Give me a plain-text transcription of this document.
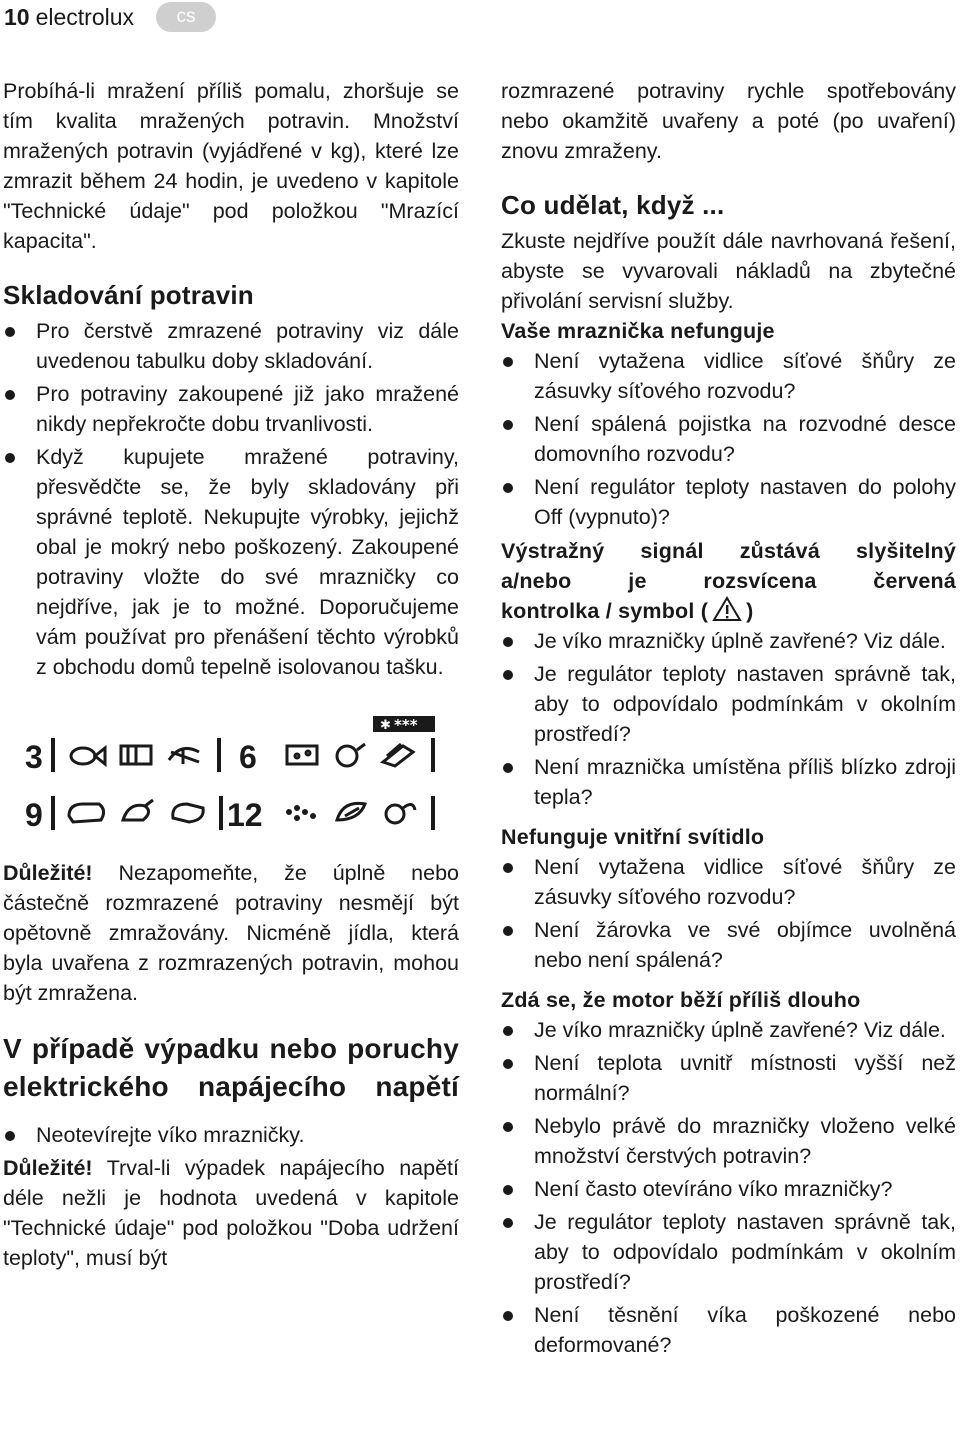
10 electrolux	cs

Probíhá-li mražení příliš pomalu, zhoršuje se tím kvalita mražených potravin. Množství mražených potravin (vyjádřené v kg), které lze zmrazit během 24 hodin, je uvedeno v kapitole "Technické údaje" pod položkou "Mrazící kapacita".

Skladování potravin
Pro čerstvě zmrazené potraviny viz dále uvedenou tabulku doby skladování.
Pro potraviny zakoupené již jako mražené nikdy nepřekročte dobu trvanlivosti.
Když kupujete mražené potraviny, přesvědčte se, že byly skladovány při správné teplotě. Nekupujte výrobky, jejichž obal je mokrý nebo poškozený. Zakoupené potraviny vložte do své mrazničky co nejdříve, jak je to možné. Doporučujeme vám používat pro přenášení těchto výrobků z obchodu domů tepelně isolovanou tašku.
✱ ***
3	6
9	12

Důležité! Nezapomeňte, že úplně nebo částečně rozmrazené potraviny nesmějí být opětovně zmražovány. Nicméně jídla, která byla uvařena z rozmrazených potravin, mohou být zmražena.

V případě výpadku nebo poruchy elektrického napájecího napětí
Neotevírejte víko mrazničky.

Důležité! Trval-li výpadek napájecího napětí déle nežli je hodnota uvedená v kapitole "Technické údaje" pod položkou "Doba udržení teploty", musí být

rozmrazené potraviny rychle spotřebovány nebo okamžitě uvařeny a poté (po uvaření) znovu zmraženy.

Co udělat, když ...

Zkuste nejdříve použít dále navrhovaná řešení, abyste se vyvarovali nákladů na zbytečné přivolání servisní služby.

Vaše mraznička nefunguje
Není vytažena vidlice síťové šňůry ze zásuvky síťového rozvodu?
Není spálená pojistka na rozvodné desce domovního rozvodu?
Není regulátor teploty nastaven do polohy Off (vypnuto)?
Výstražný signál zůstává slyšitelný
a/nebo je rozsvícena červená
kontrolka / symbol ( )
Je víko mrazničky úplně zavřené? Viz dále.
Je regulátor teploty nastaven správně tak, aby to odpovídalo podmínkám v okolním prostředí?
Není mraznička umístěna příliš blízko zdroji tepla?
Nefunguje vnitřní svítidlo
Není vytažena vidlice síťové šňůry ze zásuvky síťového rozvodu?
Není žárovka ve své objímce uvolněná nebo není spálená?
Zdá se, že motor běží příliš dlouho
Je víko mrazničky úplně zavřené? Viz dále.
Není teplota uvnitř místnosti vyšší než normální?
Nebylo právě do mrazničky vloženo velké množství čerstvých potravin?
Není často otevíráno víko mrazničky?
Je regulátor teploty nastaven správně tak, aby to odpovídalo podmínkám v okolním prostředí?
Není těsnění víka poškozené nebo deformované?
